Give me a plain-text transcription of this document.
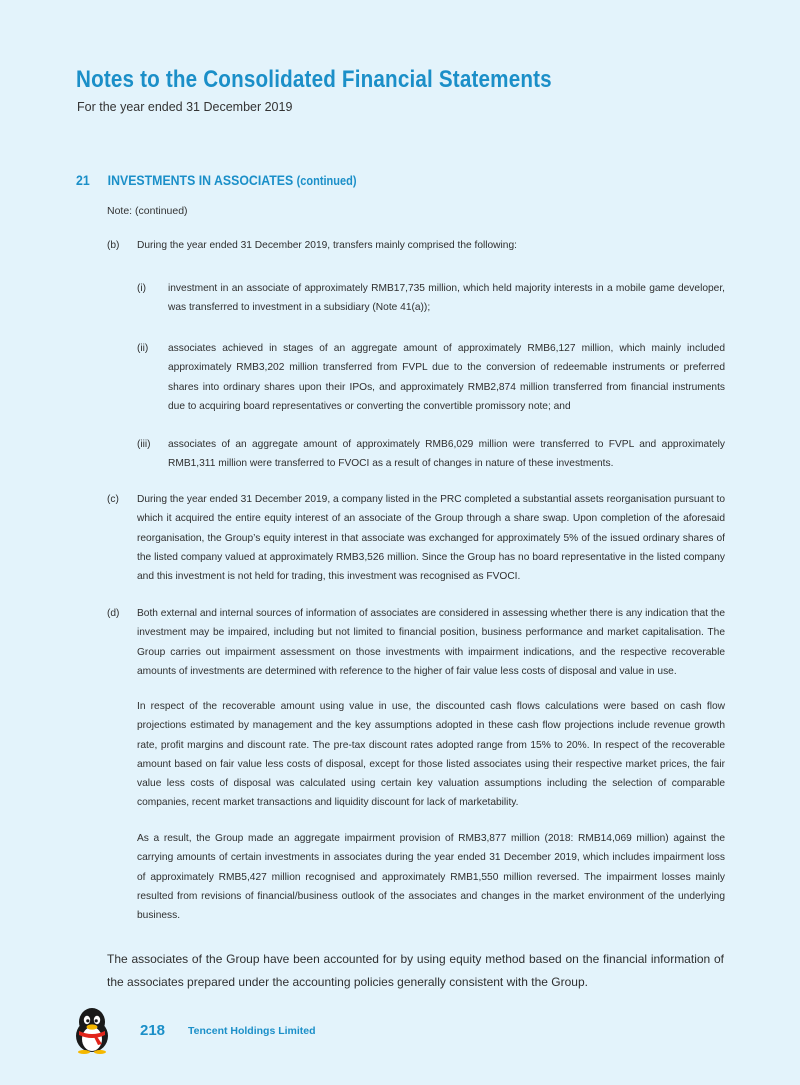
Notes to the Consolidated Financial Statements
For the year ended 31 December 2019
21 INVESTMENTS IN ASSOCIATES (continued)
Note: (continued)
(b) During the year ended 31 December 2019, transfers mainly comprised the following:
(i) investment in an associate of approximately RMB17,735 million, which held majority interests in a mobile game developer, was transferred to investment in a subsidiary (Note 41(a));
(ii) associates achieved in stages of an aggregate amount of approximately RMB6,127 million, which mainly included approximately RMB3,202 million transferred from FVPL due to the conversion of redeemable instruments or preferred shares into ordinary shares upon their IPOs, and approximately RMB2,874 million transferred from financial instruments due to acquiring board representatives or converting the convertible promissory note; and
(iii) associates of an aggregate amount of approximately RMB6,029 million were transferred to FVPL and approximately RMB1,311 million were transferred to FVOCI as a result of changes in nature of these investments.
(c) During the year ended 31 December 2019, a company listed in the PRC completed a substantial assets reorganisation pursuant to which it acquired the entire equity interest of an associate of the Group through a share swap. Upon completion of the aforesaid reorganisation, the Group’s equity interest in that associate was exchanged for approximately 5% of the issued ordinary shares of the listed company valued at approximately RMB3,526 million. Since the Group has no board representative in the listed company and this investment is not held for trading, this investment was recognised as FVOCI.
(d) Both external and internal sources of information of associates are considered in assessing whether there is any indication that the investment may be impaired, including but not limited to financial position, business performance and market capitalisation. The Group carries out impairment assessment on those investments with impairment indications, and the respective recoverable amounts of investments are determined with reference to the higher of fair value less costs of disposal and value in use.
In respect of the recoverable amount using value in use, the discounted cash flows calculations were based on cash flow projections estimated by management and the key assumptions adopted in these cash flow projections include revenue growth rate, profit margins and discount rate. The pre-tax discount rates adopted range from 15% to 20%. In respect of the recoverable amount based on fair value less costs of disposal, except for those listed associates using their respective market prices, the fair value less costs of disposal was calculated using certain key valuation assumptions including the selection of comparable companies, recent market transactions and liquidity discount for lack of marketability.
As a result, the Group made an aggregate impairment provision of RMB3,877 million (2018: RMB14,069 million) against the carrying amounts of certain investments in associates during the year ended 31 December 2019, which includes impairment loss of approximately RMB5,427 million recognised and approximately RMB1,550 million reversed. The impairment losses mainly resulted from revisions of financial/business outlook of the associates and changes in the market environment of the underlying business.
The associates of the Group have been accounted for by using equity method based on the financial information of the associates prepared under the accounting policies generally consistent with the Group.
218 Tencent Holdings Limited
